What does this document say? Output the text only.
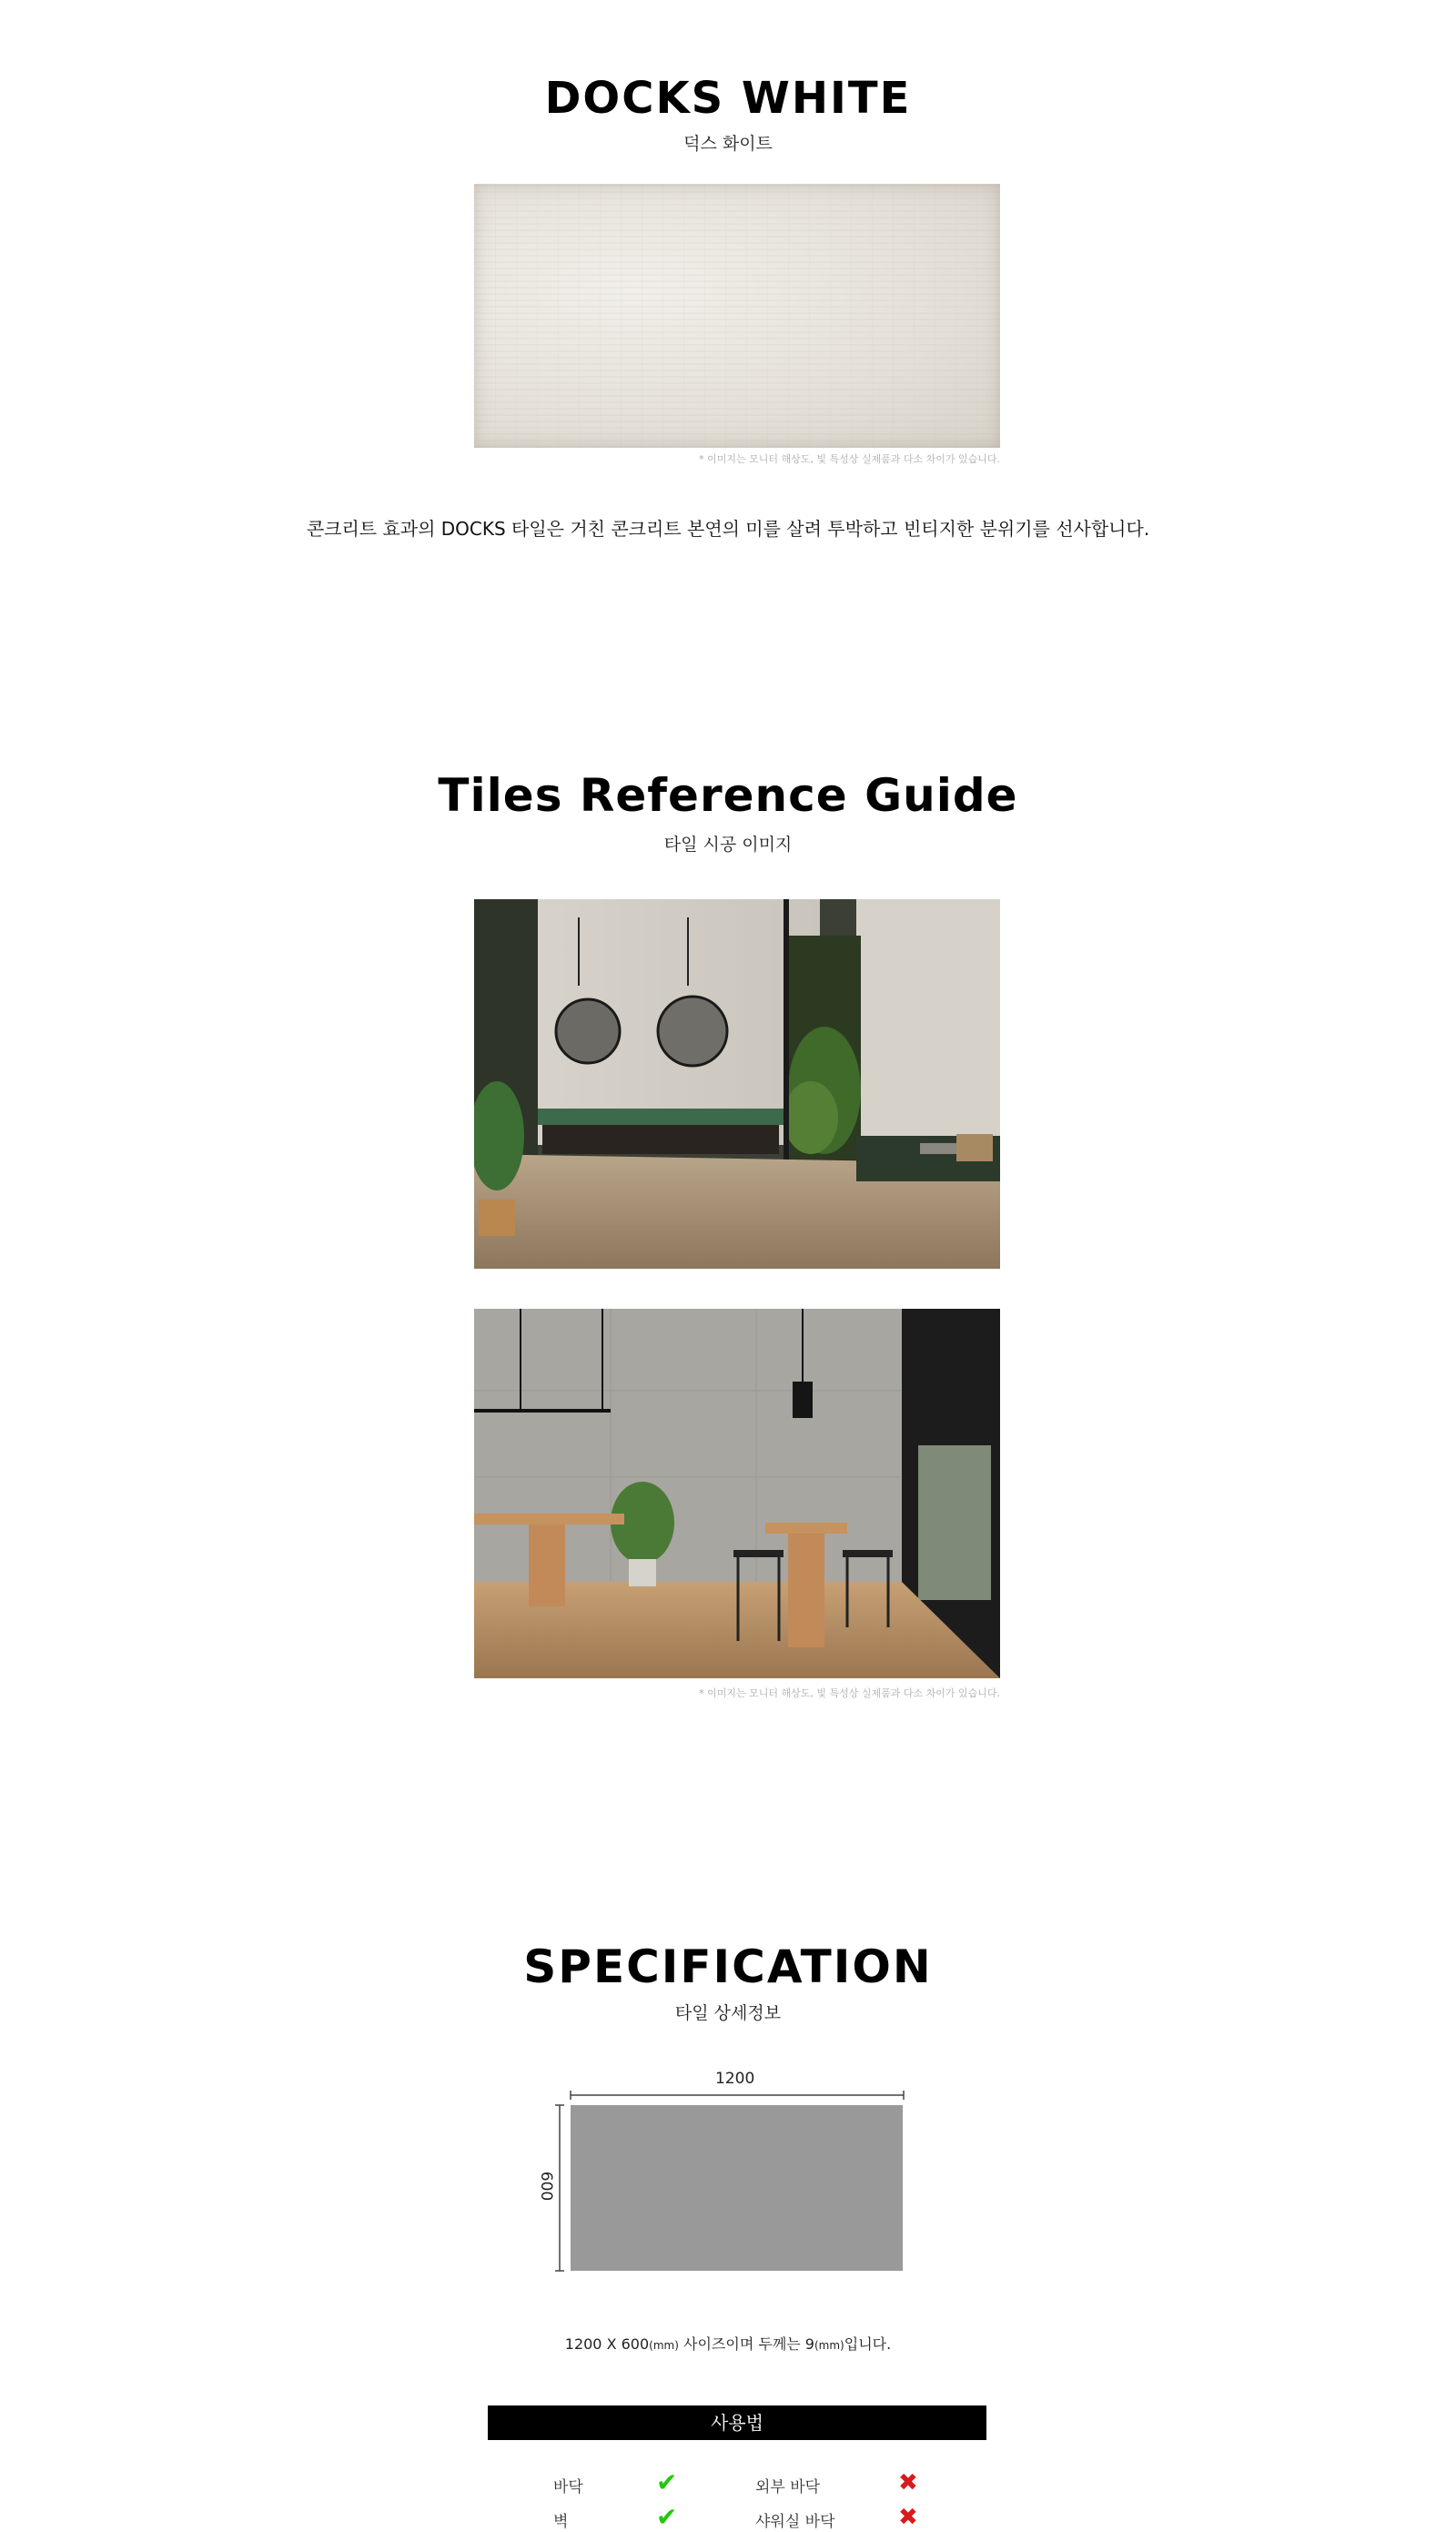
DOCKS WHITE
덕스 화이트
* 이미지는 모니터 해상도, 빛 특성상 실제품과 다소 차이가 있습니다.
콘크리트 효과의 DOCKS 타일은 거친 콘크리트 본연의 미를 살려 투박하고 빈티지한 분위기를 선사합니다.
Tiles Reference Guide
타일 시공 이미지
* 이미지는 모니터 해상도, 빛 특성상 실제품과 다소 차이가 있습니다.
SPECIFICATION
타일 상세정보
1200
600
1200 X 600(mm) 사이즈이며 두께는 9(mm)입니다.
사용법
바닥	✔	외부 바닥	✖
벽	✔	샤워실 바닥	✖
